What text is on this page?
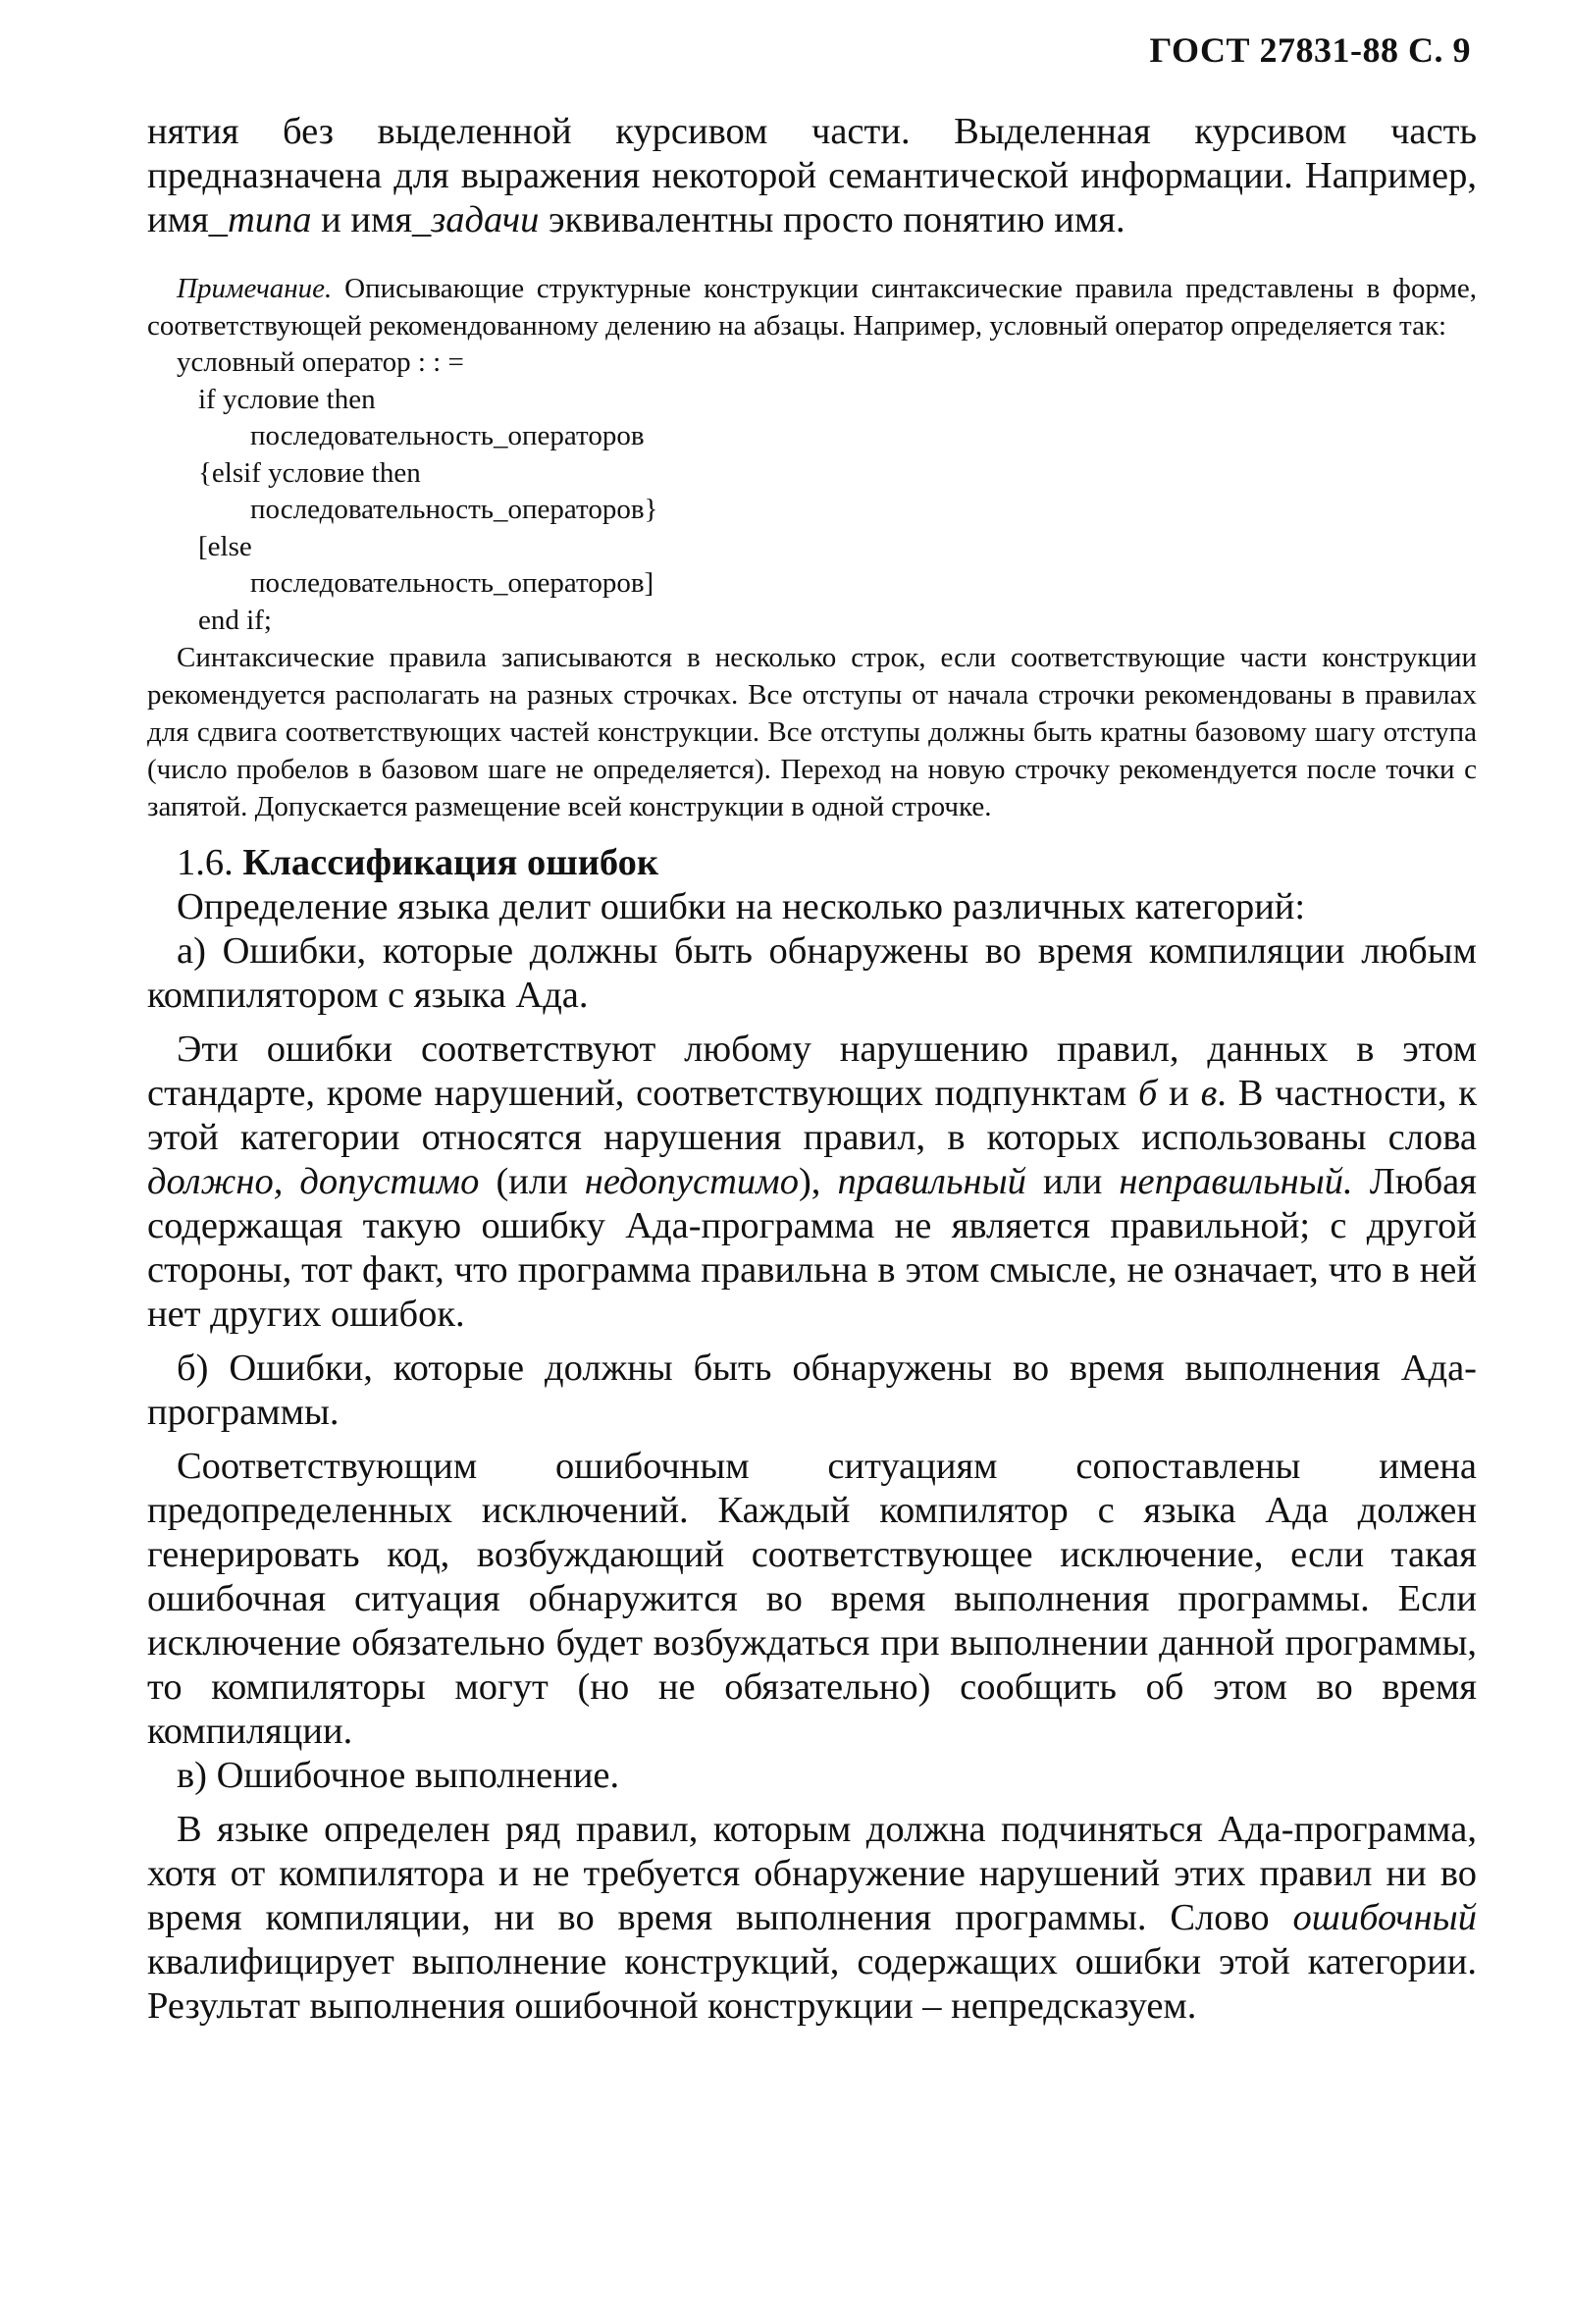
ГОСТ 27831-88 С. 9

нятия без выделенной курсивом части. Выделенная курсивом часть предназначена для выражения некоторой семантической информации. Например, имя_типа и имя_задачи эквивалентны просто понятию имя.

Примечание. Описывающие структурные конструкции синтаксические правила представлены в форме, соответствующей рекомендованному делению на абзацы. Например, условный оператор определяется так:

условный оператор : : =

if условие then

последовательность_операторов

{elsif условие then

последовательность_операторов}

[else

последовательность_операторов]

end if;

Синтаксические правила записываются в несколько строк, если соответствующие части конструкции рекомендуется располагать на разных строчках. Все отступы от начала строчки рекомендованы в правилах для сдвига соответствующих частей конструкции. Все отступы должны быть кратны базовому шагу отступа (число пробелов в базовом шаге не определяется). Переход на новую строчку рекомендуется после точки с запятой. Допускается размещение всей конструкции в одной строчке.

1.6. Классификация ошибок

Определение языка делит ошибки на несколько различных категорий:

а) Ошибки, которые должны быть обнаружены во время компиляции любым компилятором с языка Ада.

Эти ошибки соответствуют любому нарушению правил, данных в этом стандарте, кроме нарушений, соответствующих подпунктам б и в. В частности, к этой категории относятся нарушения правил, в которых использованы слова должно, допустимо (или недопустимо), правильный или неправильный. Любая содержащая такую ошибку Ада-программа не является правильной; с другой стороны, тот факт, что программа правильна в этом смысле, не означает, что в ней нет других ошибок.

б) Ошибки, которые должны быть обнаружены во время выполнения Ада-программы.

Соответствующим ошибочным ситуациям сопоставлены имена предопределенных исключений. Каждый компилятор с языка Ада должен генерировать код, возбуждающий соответствующее исключение, если такая ошибочная ситуация обнаружится во время выполнения программы. Если исключение обязательно будет возбуждаться при выполнении данной программы, то компиляторы могут (но не обязательно) сообщить об этом во время компиляции.

в) Ошибочное выполнение.

В языке определен ряд правил, которым должна подчиняться Ада-программа, хотя от компилятора и не требуется обнаружение нарушений этих правил ни во время компиляции, ни во время выполнения программы. Слово ошибочный квалифицирует выполнение конструкций, содержащих ошибки этой категории. Результат выполнения ошибочной конструкции – непредсказуем.
